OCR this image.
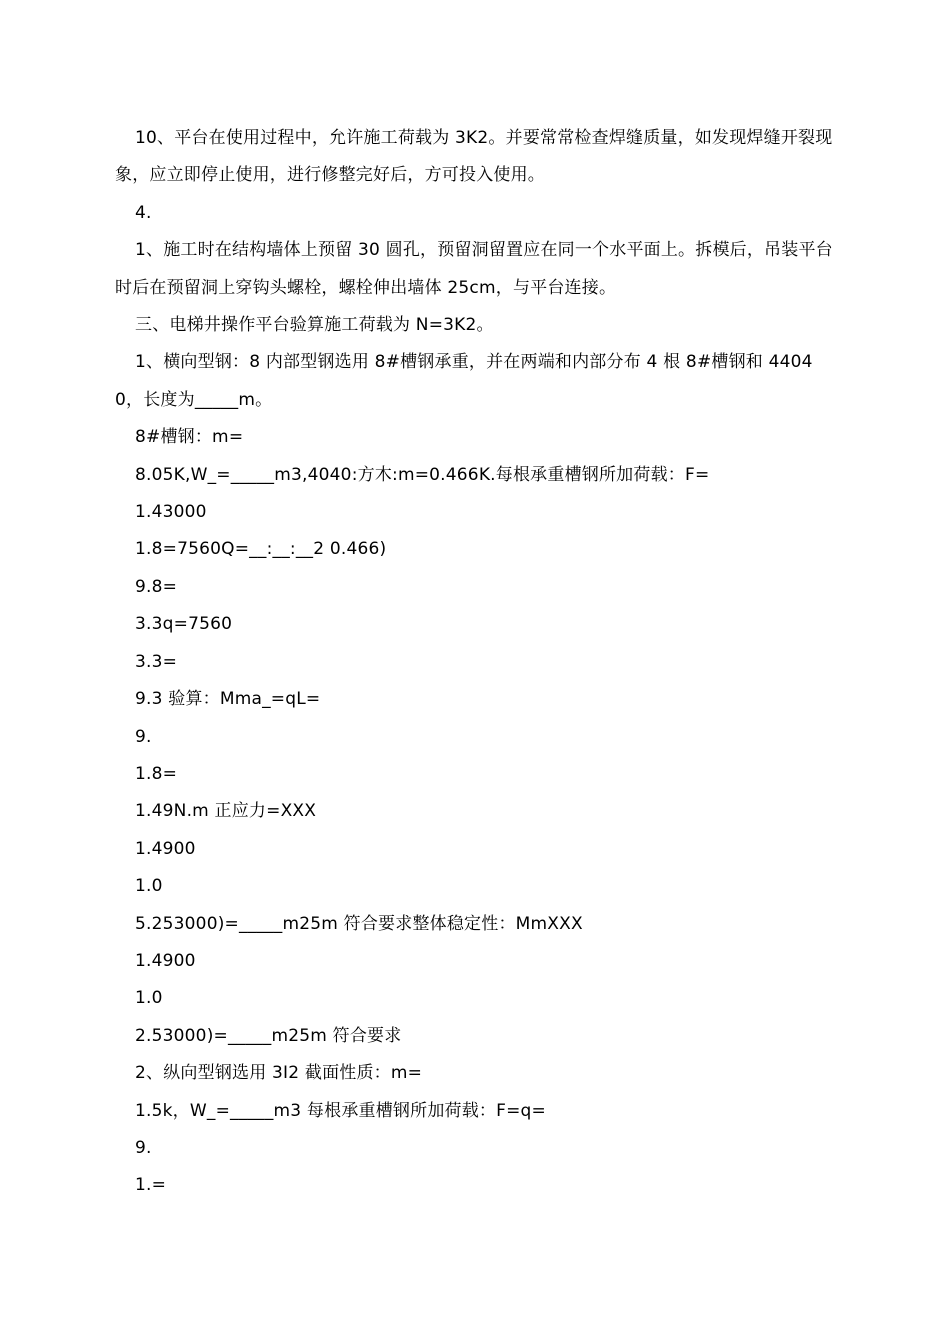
10、平台在使用过程中，允许施工荷载为 3K2。并要常常检查焊缝质量，如发现焊缝开裂现象，应立即停止使用，进行修整完好后，方可投入使用。

4.

1、施工时在结构墙体上预留 30 圆孔，预留洞留置应在同一个水平面上。拆模后，吊装平台时后在预留洞上穿钩头螺栓，螺栓伸出墙体 25cm，与平台连接。

三、电梯井操作平台验算施工荷载为 N=3K2。

1、横向型钢：8 内部型钢选用 8#槽钢承重，并在两端和内部分布 4 根 8#槽钢和 44040，长度为_____m。

8#槽钢：m=

8.05K,W_=_____m3,4040:方木:m=0.466K.每根承重槽钢所加荷载：F=

1.43000

1.8=7560Q=__:__:__2 0.466)

9.8=

3.3q=7560

3.3=

9.3 验算：Mma_=qL=

9.

1.8=

1.49N.m 正应力=XXX

1.4900

1.0

5.253000)=_____m25m 符合要求整体稳定性：MmXXX

1.4900

1.0

2.53000)=_____m25m 符合要求

2、纵向型钢选用 3I2 截面性质：m=

1.5k，W_=_____m3 每根承重槽钢所加荷载：F=q=

9.

1.=
